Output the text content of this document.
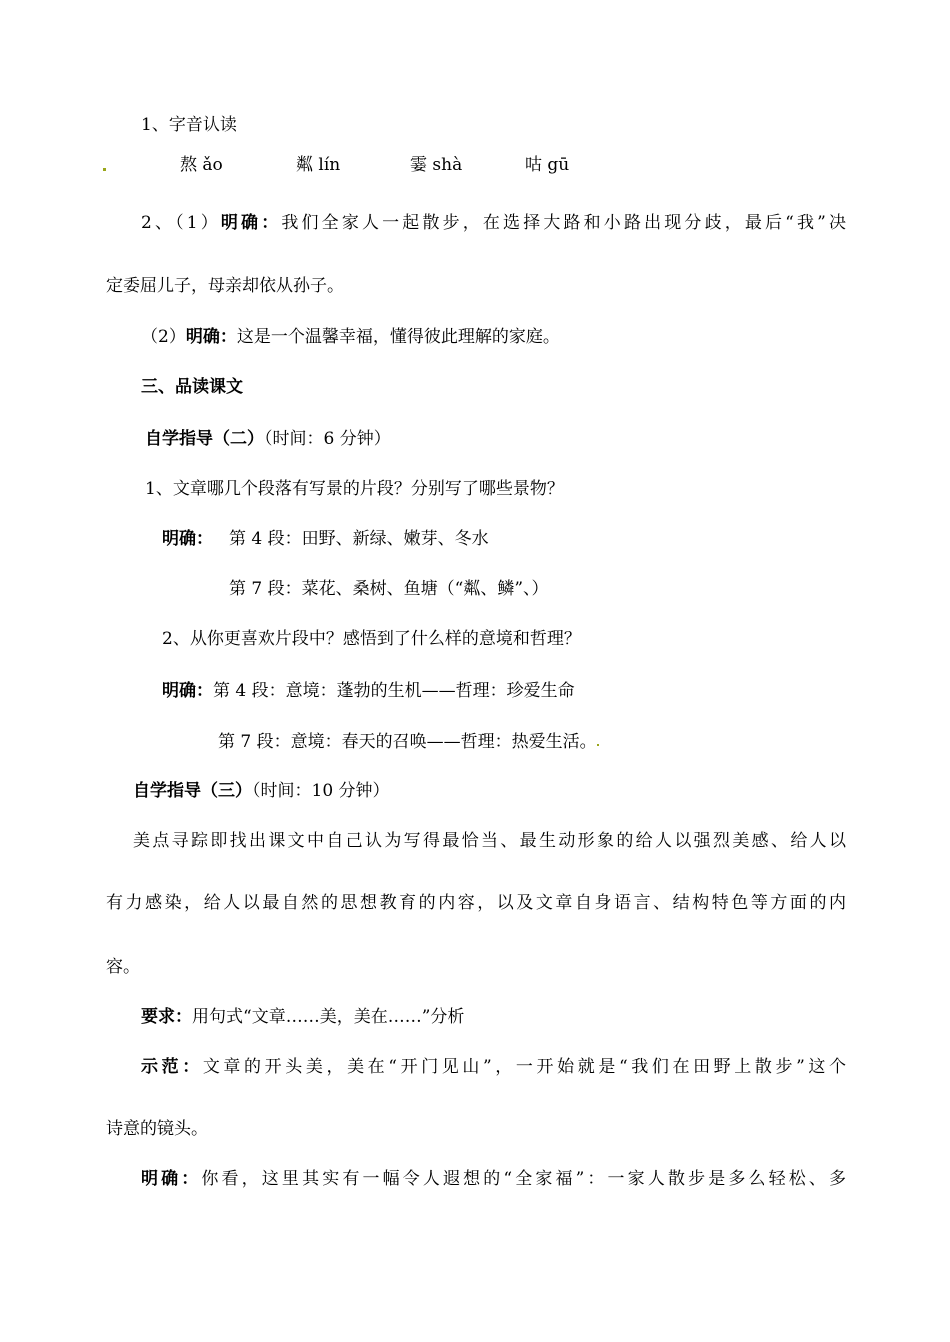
1、字音认读

熬 ǎo	粼 lín	霎 shà	咕 gū

2、（1）明确：我们全家人一起散步，在选择大路和小路出现分歧，最后“我”决

定委屈儿子，母亲却依从孙子。

（2）明确：这是一个温馨幸福，懂得彼此理解的家庭。

三、品读课文

自学指导（二）（时间：6 分钟）

1、文章哪几个段落有写景的片段？分别写了哪些景物？

明确： 第 4 段：田野、新绿、嫩芽、冬水

第 7 段：菜花、桑树、鱼塘（“粼、鳞”、）

2、从你更喜欢片段中？感悟到了什么样的意境和哲理？

明确：第 4 段：意境：蓬勃的生机——哲理：珍爱生命

第 7 段：意境：春天的召唤——哲理：热爱生活。

自学指导（三）（时间：10 分钟）

美点寻踪即找出课文中自己认为写得最恰当、最生动形象的给人以强烈美感、给人以

有力感染，给人以最自然的思想教育的内容，以及文章自身语言、结构特色等方面的内

容。

要求：用句式“文章……美，美在……”分析

示范：文章的开头美，美在“开门见山”，一开始就是“我们在田野上散步”这个

诗意的镜头。

明确：你看，这里其实有一幅令人遐想的“全家福”：一家人散步是多么轻松、多
